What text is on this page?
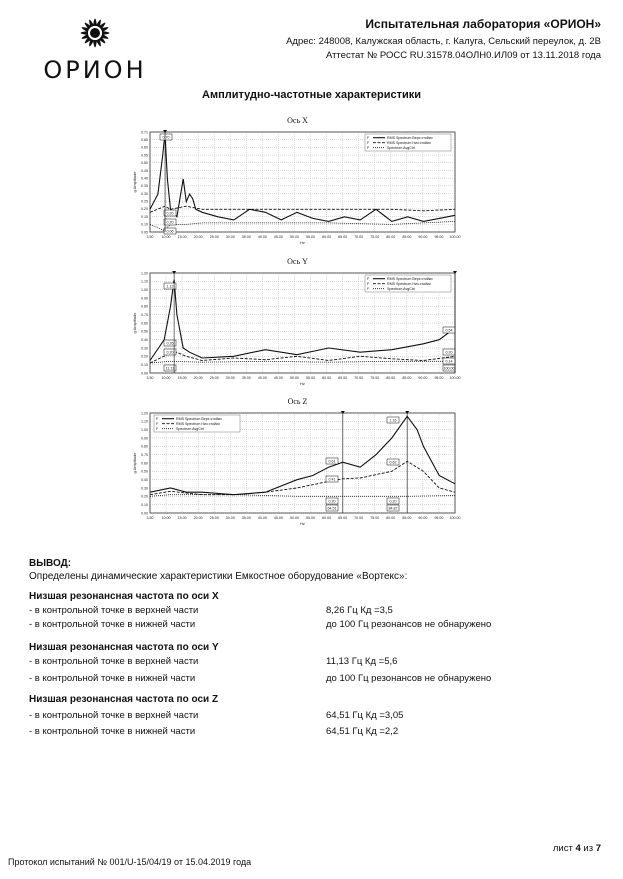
ОРИОН
Испытательная лаборатория «ОРИОН»
Адрес: 248008, Калужская область, г. Калуга, Сельский переулок, д. 2В
Аттестат № РОСС RU.31578.04ОЛН0.ИЛ09 от 13.11.2018 года
Амплитудно-частотные характеристики
Ось X
3.50 10.00 15.00 20.00 25.00 30.00 35.00 40.00 45.00 50.00 55.00 60.00 65.00 70.00 75.00 80.00 85.00 90.00 95.00 100.00
0.71
0.65
0.60
0.55
0.50
0.45
0.40
0.35
0.30
0.25
0.20
0.15
0.10
0.05
Hz
g Amplitude
F	RMS Spectrum Верх стойки
F	RMS Spectrum Низ стойки
F	Spectrum AvgCtrl
0.70
0.20
0.20
0.06
Ось Y
3.50 10.00 15.00 20.00 25.00 30.00 35.00 40.00 45.00 50.00 55.00 60.00 65.00 70.00 75.00 80.00 85.00 90.00 95.00 100.00
1.20
1.10
1.00
0.90
0.80
0.70
0.60
0.50
0.40
0.30
0.20
0.10
0.00
Hz
g Amplitude
F	RMS Spectrum Верх стойки
F	RMS Spectrum Низ стойки
F	Spectrum AvgCtrl
1.12
0.26
0.20	0.20
0.14
0.54
11.13	100.00
Ось Z
3.50 10.00 15.00 20.00 25.00 30.00 35.00 40.00 45.00 50.00 55.00 60.00 65.00 70.00 75.00 80.00 85.00 90.00 95.00 100.00
1.20
1.10
1.00
0.90
0.80
0.70
0.60
0.50
0.40
0.30
0.20
0.10
0.00
Hz
g Amplitude
F	RMS Spectrum Верх стойки
F	RMS Spectrum Низ стойки
F	Spectrum AvgCtrl
0.61
0.41
0.20
64.51
1.16
0.62
0.20
84.87
ВЫВОД:
Определены динамические характеристики Емкостное оборудование «Вортекс»:
Низшая резонансная частота по оси X
- в контрольной точке в верхней части	8,26 Гц Кд =3,5
- в контрольной точке в нижней части	до 100 Гц резонансов не обнаружено
Низшая резонансная частота по оси Y
- в контрольной точке в верхней части	11,13 Гц Кд =5,6
- в контрольной точке в нижней части	до 100 Гц резонансов не обнаружено
Низшая резонансная частота по оси Z
- в контрольной точке в верхней части	64,51 Гц Кд =3,05
- в контрольной точке в нижней части	64,51 Гц Кд =2,2
лист 4 из 7
Протокол испытаний № 001/U-15/04/19 от 15.04.2019 года
